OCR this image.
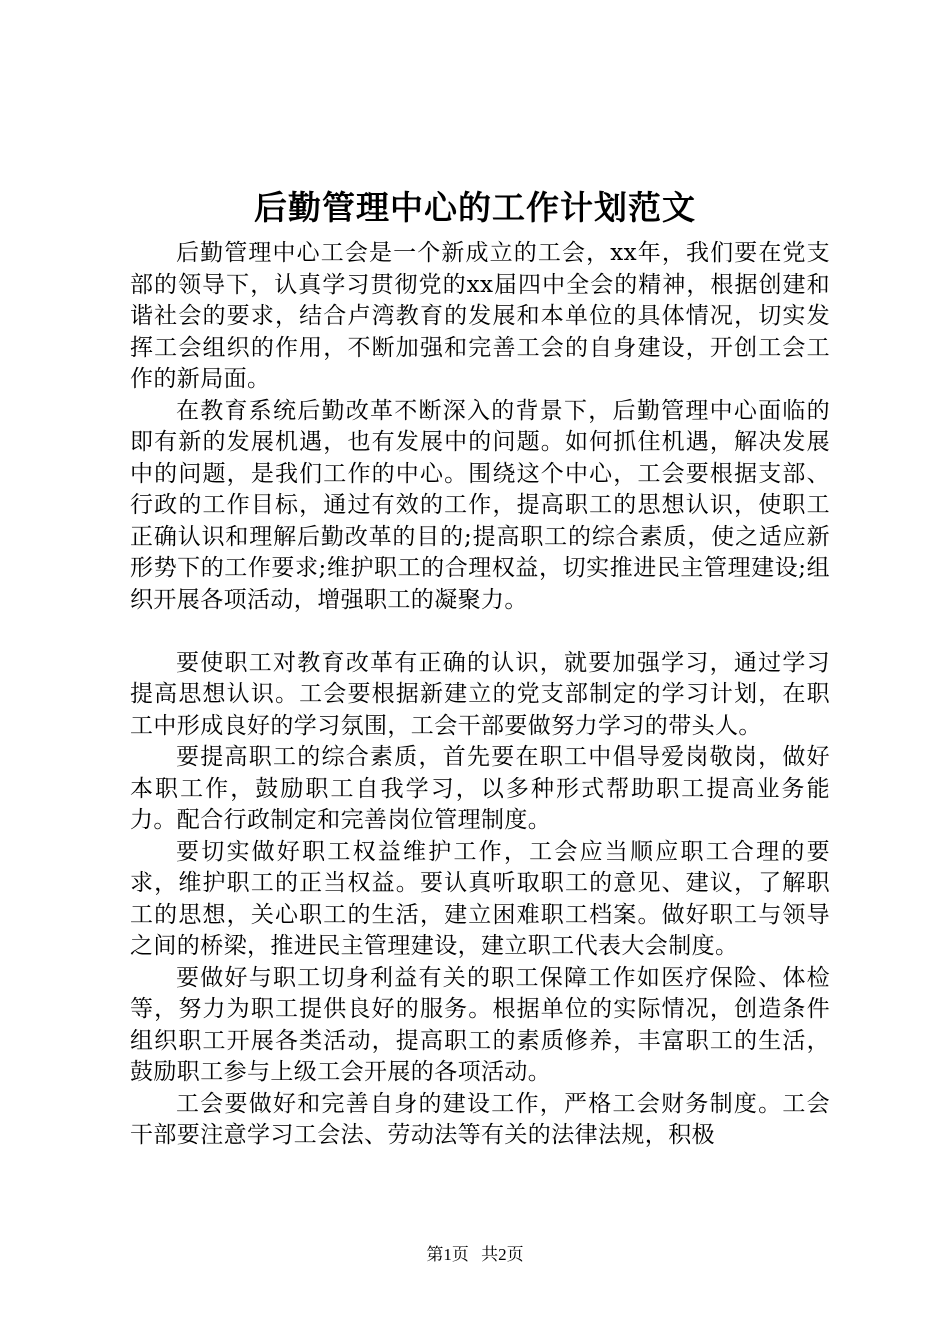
后勤管理中心的工作计划范文

后勤管理中心工会是一个新成立的工会，xx年，我们要在党支部的领导下，认真学习贯彻党的xx届四中全会的精神，根据创建和谐社会的要求，结合卢湾教育的发展和本单位的具体情况，切实发挥工会组织的作用，不断加强和完善工会的自身建设，开创工会工作的新局面。

在教育系统后勤改革不断深入的背景下，后勤管理中心面临的即有新的发展机遇，也有发展中的问题。如何抓住机遇，解决发展中的问题，是我们工作的中心。围绕这个中心，工会要根据支部、行政的工作目标，通过有效的工作，提高职工的思想认识，使职工正确认识和理解后勤改革的目的;提高职工的综合素质，使之适应新形势下的工作要求;维护职工的合理权益，切实推进民主管理建设;组织开展各项活动，增强职工的凝聚力。

要使职工对教育改革有正确的认识，就要加强学习，通过学习提高思想认识。工会要根据新建立的党支部制定的学习计划，在职工中形成良好的学习氛围，工会干部要做努力学习的带头人。

要提高职工的综合素质，首先要在职工中倡导爱岗敬岗，做好本职工作，鼓励职工自我学习，以多种形式帮助职工提高业务能力。配合行政制定和完善岗位管理制度。

要切实做好职工权益维护工作，工会应当顺应职工合理的要求，维护职工的正当权益。要认真听取职工的意见、建议，了解职工的思想，关心职工的生活，建立困难职工档案。做好职工与领导之间的桥梁，推进民主管理建设，建立职工代表大会制度。

要做好与职工切身利益有关的职工保障工作如医疗保险、体检等，努力为职工提供良好的服务。根据单位的实际情况，创造条件组织职工开展各类活动，提高职工的素质修养，丰富职工的生活，鼓励职工参与上级工会开展的各项活动。

工会要做好和完善自身的建设工作，严格工会财务制度。工会干部要注意学习工会法、劳动法等有关的法律法规，积极

第1页 共2页
